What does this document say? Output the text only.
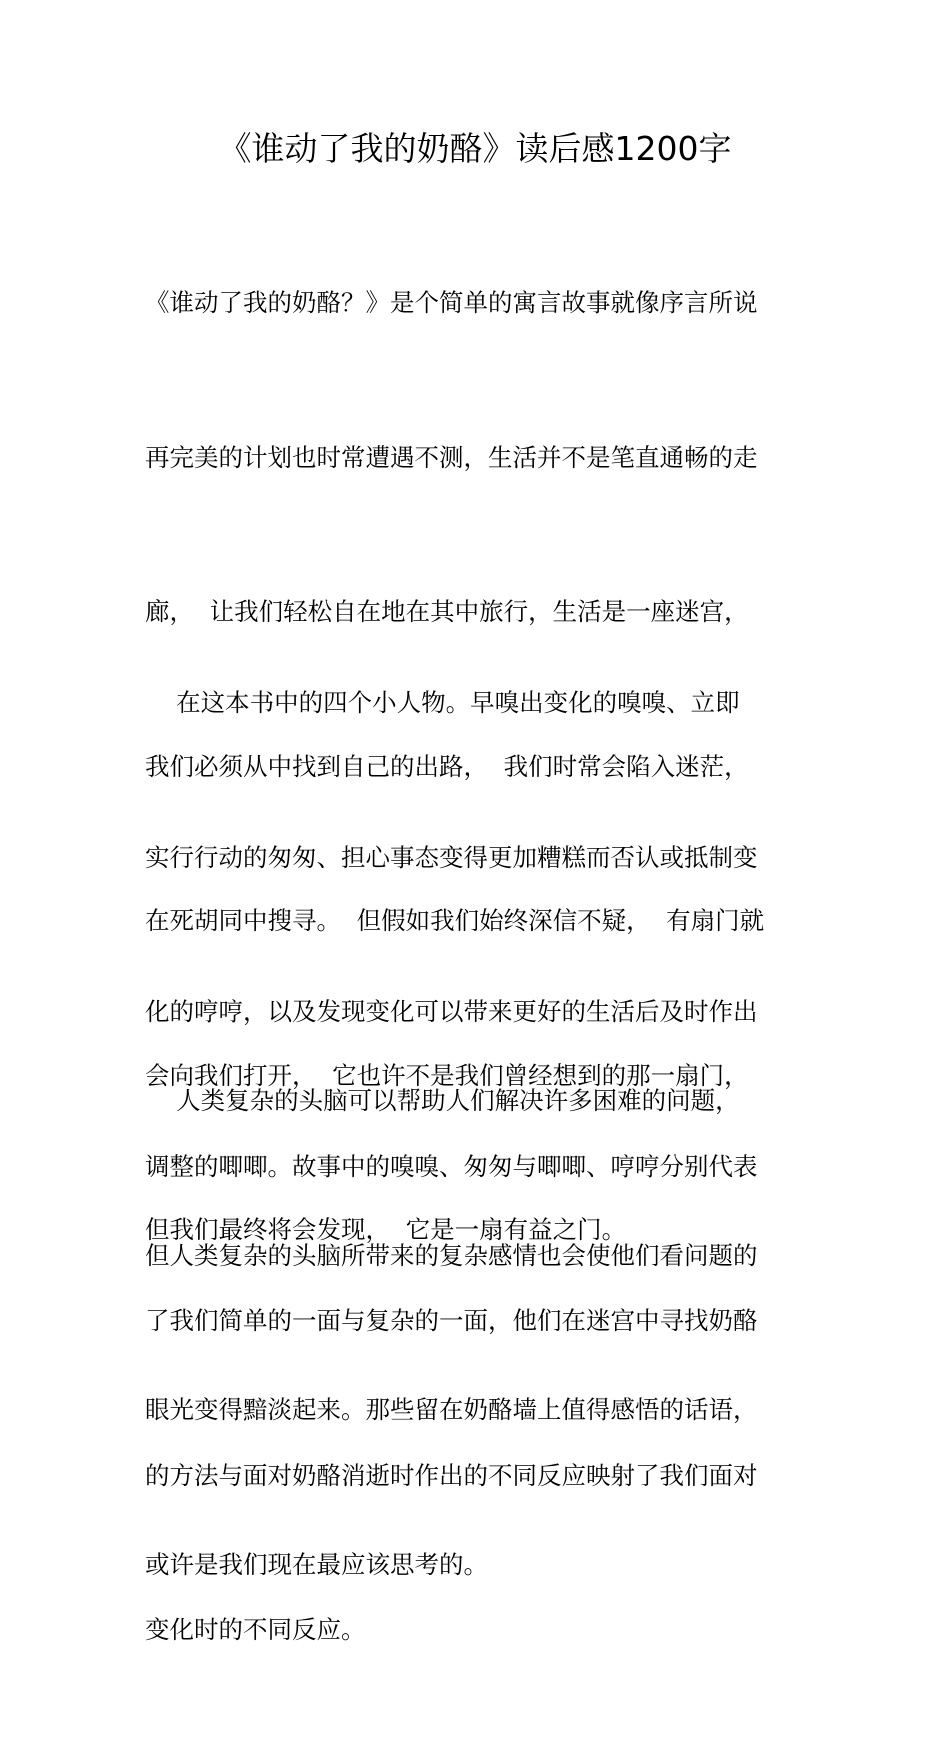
《谁动了我的奶酪》读后感1200字

《谁动了我的奶酪？》是个简单的寓言故事就像序言所说

再完美的计划也时常遭遇不测，生活并不是笔直通畅的走

廊，  让我们轻松自在地在其中旅行，生活是一座迷宫，

我们必须从中找到自己的出路，  我们时常会陷入迷茫，

在死胡同中搜寻。  但假如我们始终深信不疑，  有扇门就

会向我们打开，  它也许不是我们曾经想到的那一扇门，

但我们最终将会发现，  它是一扇有益之门。

在这本书中的四个小人物。早嗅出变化的嗅嗅、立即

实行行动的匆匆、担心事态变得更加糟糕而否认或抵制变

化的哼哼，以及发现变化可以带来更好的生活后及时作出

调整的唧唧。故事中的嗅嗅、匆匆与唧唧、哼哼分别代表

了我们简单的一面与复杂的一面，他们在迷宫中寻找奶酪

的方法与面对奶酪消逝时作出的不同反应映射了我们面对

变化时的不同反应。

人类复杂的头脑可以帮助人们解决许多困难的问题，

但人类复杂的头脑所带来的复杂感情也会使他们看问题的

眼光变得黯淡起来。那些留在奶酪墙上值得感悟的话语，

或许是我们现在最应该思考的。
